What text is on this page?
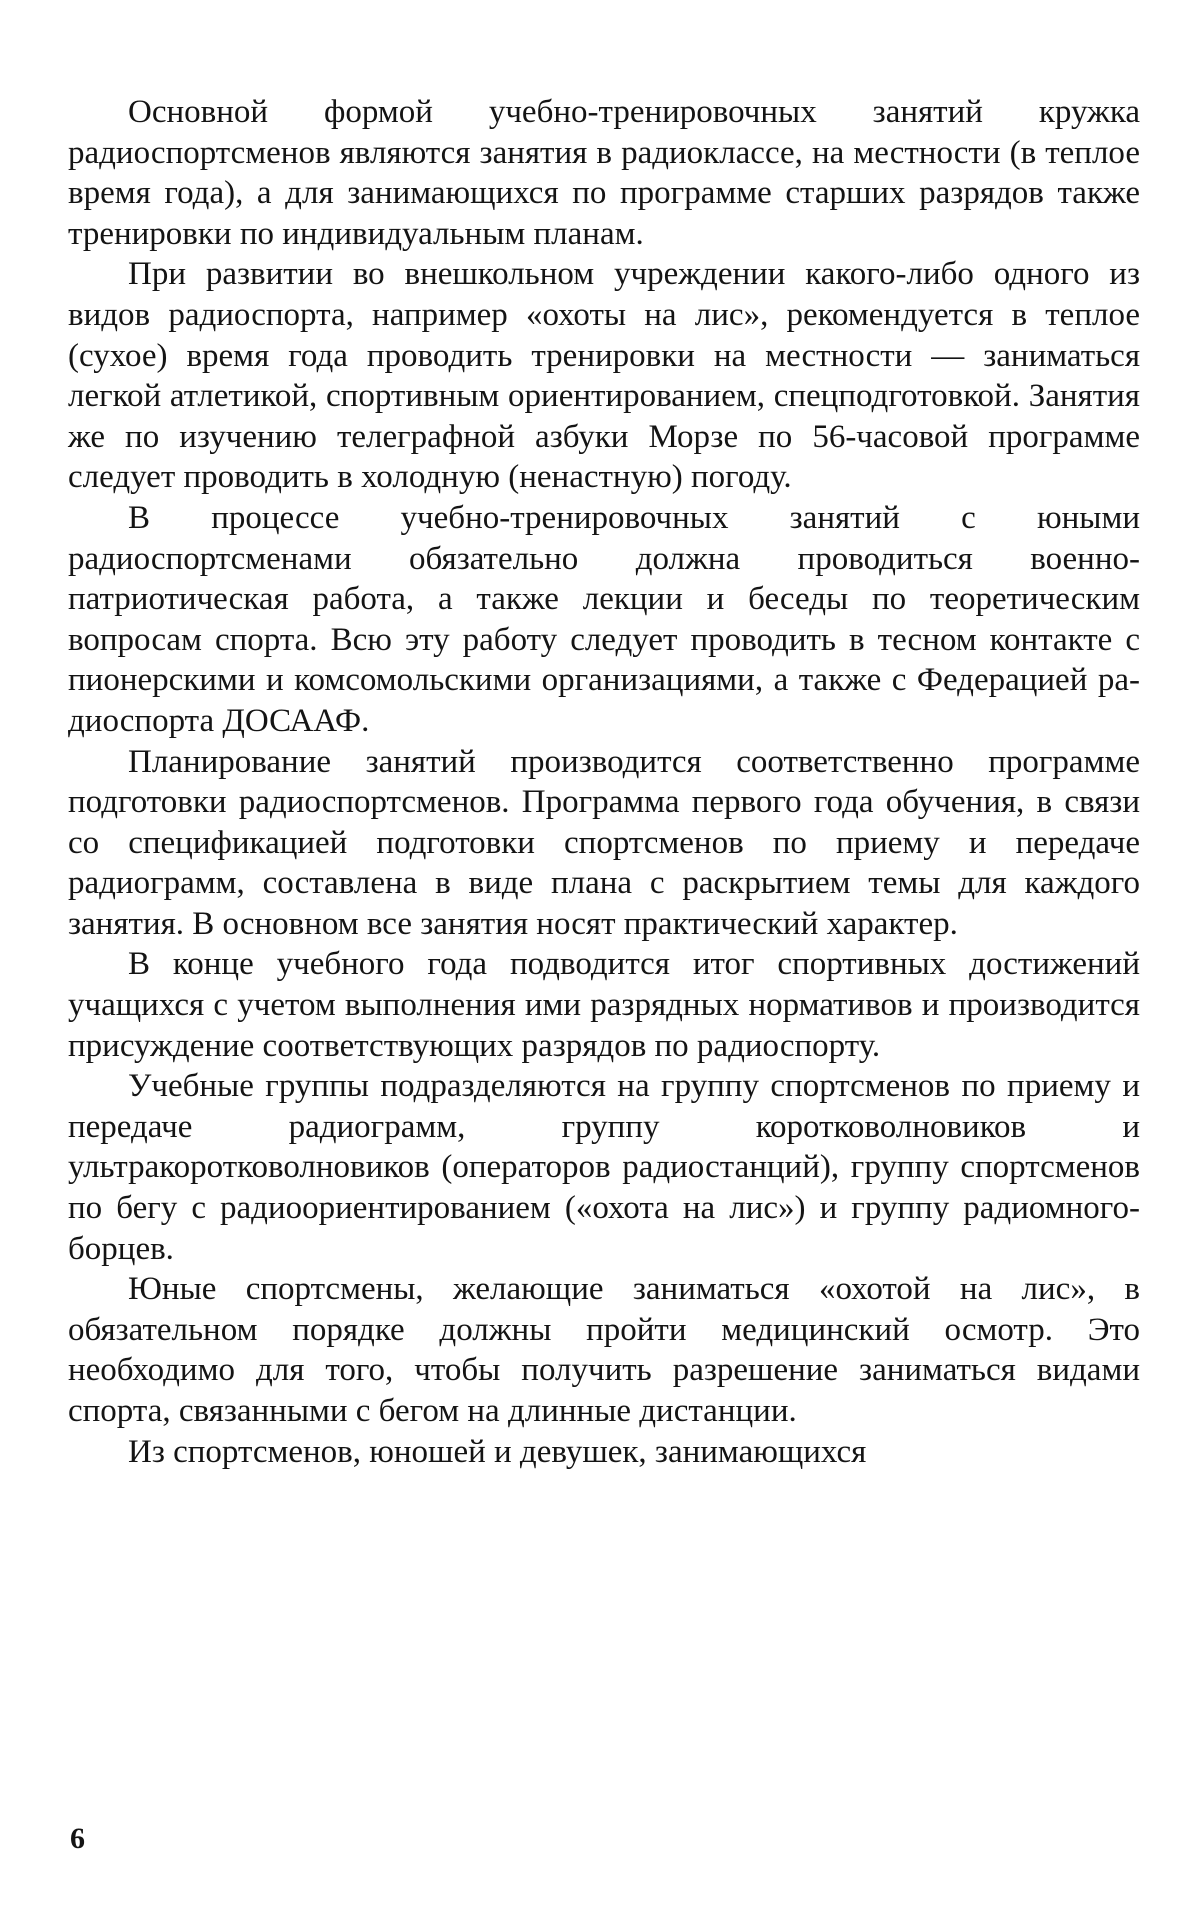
Основной формой учебно-тренировочных занятий кружка радиоспортсменов являются занятия в радиоклассе, на местности (в теплое время года), а для занимающихся по программе старших разрядов также тренировки по индивидуальным планам.

При развитии во внешкольном учреждении какого-либо одного из видов радиоспорта, например «охоты на лис», рекомендуется в теплое (сухое) время года проводить тренировки на местности — заниматься легкой атлетикой, спортивным ориентированием, спецподготовкой. Занятия же по изучению телеграфной азбуки Морзе по 56-часовой программе следует проводить в холодную (ненастную) погоду.

В процессе учебно-тренировочных занятий с юными радиоспортсменами обязательно должна проводиться военно-патриотическая работа, а также лекции и беседы по теоретическим вопросам спорта. Всю эту работу следует проводить в тесном контакте с пионерскими и комсомольскими организациями, а также с Федерацией радиоспорта ДОСААФ.

Планирование занятий производится соответственно программе подготовки радиоспортсменов. Программа первого года обучения, в связи со спецификацией подготовки спортсменов по приему и передаче радиограмм, составлена в виде плана с раскрытием темы для каждого занятия. В основном все занятия носят практический характер.

В конце учебного года подводится итог спортивных достижений учащихся с учетом выполнения ими разрядных нормативов и производится присуждение соответствующих разрядов по радиоспорту.

Учебные группы подразделяются на группу спортсменов по приему и передаче радиограмм, группу коротковолновиков и ультракоротковолновиков (операторов радиостанций), группу спортсменов по бегу с радиоориентированием («охота на лис») и группу радиомногоборцев.

Юные спортсмены, желающие заниматься «охотой на лис», в обязательном порядке должны пройти медицинский осмотр. Это необходимо для того, чтобы получить разрешение заниматься видами спорта, связанными с бегом на длинные дистанции.

Из спортсменов, юношей и девушек, занимающихся

6
